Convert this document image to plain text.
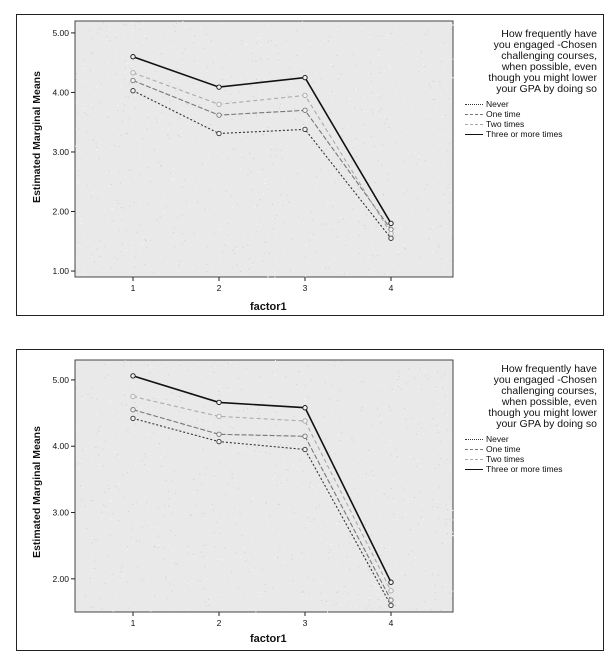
1.00
2.00
3.00
4.00
5.00
1	2	3	4
Estimated Marginal Means
factor1
How frequently have
you engaged -Chosen
challenging courses,
when possible, even
though you might lower
your GPA by doing so
Never
One time
Two times
Three or more times
2.00
3.00
4.00
5.00
1	2	3	4
Estimated Marginal Means
factor1
How frequently have
you engaged -Chosen
challenging courses,
when possible, even
though you might lower
your GPA by doing so
Never
One time
Two times
Three or more times
